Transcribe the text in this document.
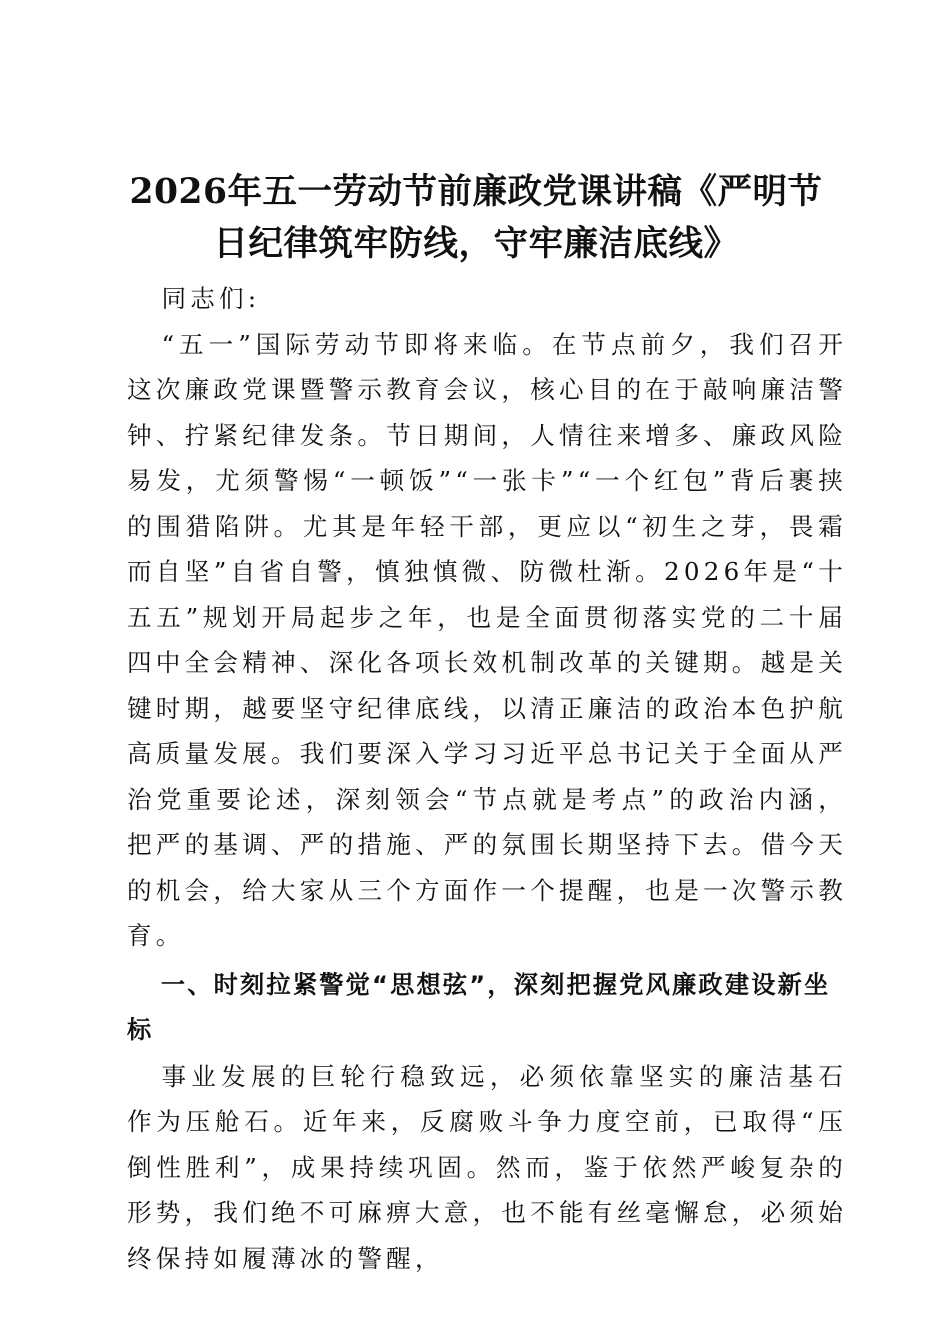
2026年五一劳动节前廉政党课讲稿《严明节日纪律筑牢防线，守牢廉洁底线》

同志们:

“五一”国际劳动节即将来临。在节点前夕，我们召开这次廉政党课暨警示教育会议，核心目的在于敲响廉洁警钟、拧紧纪律发条。节日期间，人情往来增多、廉政风险易发，尤须警惕“一顿饭”“一张卡”“一个红包”背后裹挟的围猎陷阱。尤其是年轻干部，更应以“初生之芽，畏霜而自坚”自省自警，慎独慎微、防微杜渐。2026年是“十五五”规划开局起步之年，也是全面贯彻落实党的二十届四中全会精神、深化各项长效机制改革的关键期。越是关键时期，越要坚守纪律底线，以清正廉洁的政治本色护航高质量发展。我们要深入学习习近平总书记关于全面从严治党重要论述，深刻领会“节点就是考点”的政治内涵，把严的基调、严的措施、严的氛围长期坚持下去。借今天的机会，给大家从三个方面作一个提醒，也是一次警示教育。

一、时刻拉紧警觉“思想弦”，深刻把握党风廉政建设新坐标

事业发展的巨轮行稳致远，必须依靠坚实的廉洁基石作为压舱石。近年来，反腐败斗争力度空前，已取得“压倒性胜利”，成果持续巩固。然而，鉴于依然严峻复杂的形势，我们绝不可麻痹大意，也不能有丝毫懈怠，必须始终保持如履薄冰的警醒，
